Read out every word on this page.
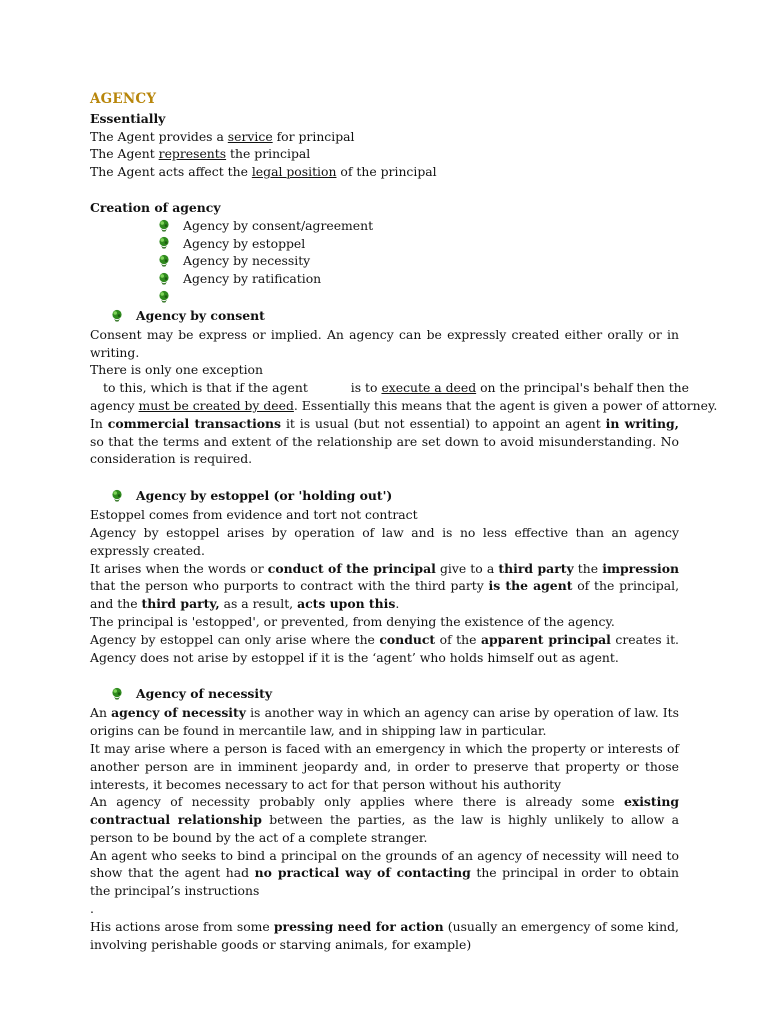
AGENCY
Essentially
The Agent provides a service for principal
The Agent represents the principal
The Agent acts affect the legal position of the principal
Creation of agency
Agency by consent/agreement
Agency by estoppel
Agency by necessity
Agency by ratification
Agency by consent
Consent may be express or implied. An agency can be expressly created either orally or in writing.
There is only one exception
to this, which is that if the agent	is to execute a deed on the principal's behalf then the
agency must be created by deed. Essentially this means that the agent is given a power of attorney.
In commercial transactions it is usual (but not essential) to appoint an agent in writing, so that the terms and extent of the relationship are set down to avoid misunderstanding. No consideration is required.
Agency by estoppel (or 'holding out')
Estoppel comes from evidence and tort not contract
Agency by estoppel arises by operation of law and is no less effective than an agency expressly created.
It arises when the words or conduct of the principal give to a third party the impression that the person who purports to contract with the third party is the agent of the principal, and the third party, as a result, acts upon this.
The principal is 'estopped', or prevented, from denying the existence of the agency.
Agency by estoppel can only arise where the conduct of the apparent principal creates it. Agency does not arise by estoppel if it is the ‘agent’ who holds himself out as agent.
Agency of necessity
An agency of necessity is another way in which an agency can arise by operation of law. Its origins can be found in mercantile law, and in shipping law in particular.
It may arise where a person is faced with an emergency in which the property or interests of another person are in imminent jeopardy and, in order to preserve that property or those interests, it becomes necessary to act for that person without his authority
An agency of necessity probably only applies where there is already some existing contractual relationship between the parties, as the law is highly unlikely to allow a person to be bound by the act of a complete stranger.
An agent who seeks to bind a principal on the grounds of an agency of necessity will need to show that the agent had no practical way of contacting the principal in order to obtain the principal’s instructions
.
His actions arose from some pressing need for action (usually an emergency of some kind, involving perishable goods or starving animals, for example)
